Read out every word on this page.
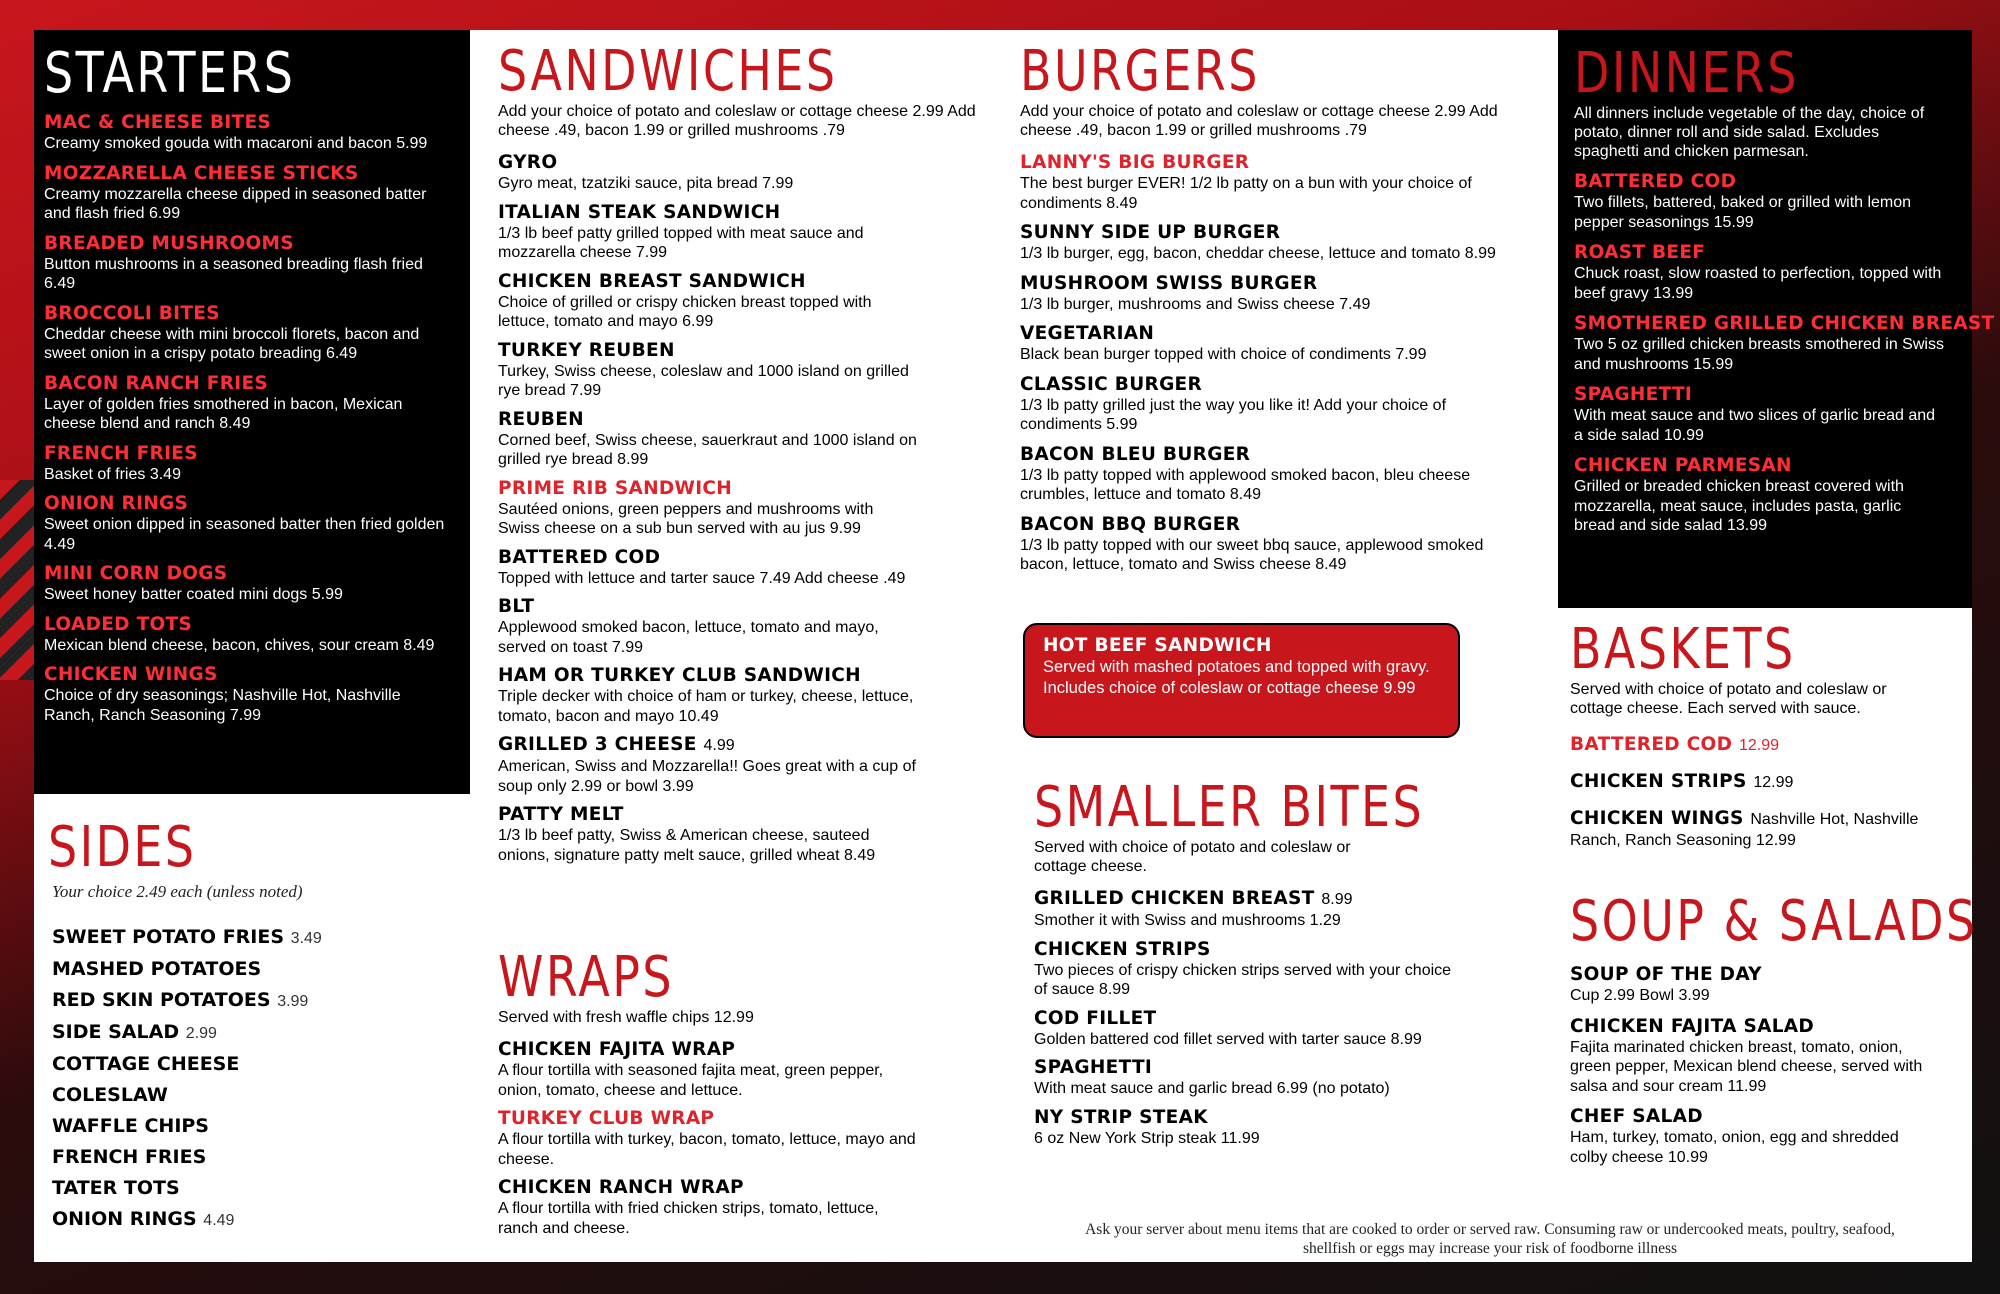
STARTERS
MAC & CHEESE BITES
Creamy smoked gouda with macaroni and bacon 5.99
MOZZARELLA CHEESE STICKS
Creamy mozzarella cheese dipped in seasoned batter and flash fried 6.99
BREADED MUSHROOMS
Button mushrooms in a seasoned breading flash fried 6.49
BROCCOLI BITES
Cheddar cheese with mini broccoli florets, bacon and sweet onion in a crispy potato breading 6.49
BACON RANCH FRIES
Layer of golden fries smothered in bacon, Mexican cheese blend and ranch 8.49
FRENCH FRIES
Basket of fries 3.49
ONION RINGS
Sweet onion dipped in seasoned batter then fried golden 4.49
MINI CORN DOGS
Sweet honey batter coated mini dogs 5.99
LOADED TOTS
Mexican blend cheese, bacon, chives, sour cream 8.49
CHICKEN WINGS
Choice of dry seasonings; Nashville Hot, Nashville Ranch, Ranch Seasoning 7.99
SIDES
Your choice 2.49 each (unless noted)
SWEET POTATO FRIES 3.49
MASHED POTATOES
RED SKIN POTATOES 3.99
SIDE SALAD 2.99
COTTAGE CHEESE
COLESLAW
WAFFLE CHIPS
FRENCH FRIES
TATER TOTS
ONION RINGS 4.49
SANDWICHES
Add your choice of potato and coleslaw or cottage cheese 2.99 Add cheese .49, bacon 1.99 or grilled mushrooms .79
GYRO
Gyro meat, tzatziki sauce, pita bread 7.99
ITALIAN STEAK SANDWICH
1/3 lb beef patty grilled topped with meat sauce and mozzarella cheese 7.99
CHICKEN BREAST SANDWICH
Choice of grilled or crispy chicken breast topped with lettuce, tomato and mayo 6.99
TURKEY REUBEN
Turkey, Swiss cheese, coleslaw and 1000 island on grilled rye bread 7.99
REUBEN
Corned beef, Swiss cheese, sauerkraut and 1000 island on grilled rye bread 8.99
PRIME RIB SANDWICH
Sautéed onions, green peppers and mushrooms with Swiss cheese on a sub bun served with au jus 9.99
BATTERED COD
Topped with lettuce and tarter sauce 7.49 Add cheese .49
BLT
Applewood smoked bacon, lettuce, tomato and mayo, served on toast 7.99
HAM OR TURKEY CLUB SANDWICH
Triple decker with choice of ham or turkey, cheese, lettuce, tomato, bacon and mayo 10.49
GRILLED 3 CHEESE 4.99
American, Swiss and Mozzarella!! Goes great with a cup of soup only 2.99 or bowl 3.99
PATTY MELT
1/3 lb beef patty, Swiss & American cheese, sauteed onions, signature patty melt sauce, grilled wheat 8.49
WRAPS
Served with fresh waffle chips 12.99
CHICKEN FAJITA WRAP
A flour tortilla with seasoned fajita meat, green pepper, onion, tomato, cheese and lettuce.
TURKEY CLUB WRAP
A flour tortilla with turkey, bacon, tomato, lettuce, mayo and cheese.
CHICKEN RANCH WRAP
A flour tortilla with fried chicken strips, tomato, lettuce, ranch and cheese.
BURGERS
Add your choice of potato and coleslaw or cottage cheese 2.99 Add cheese .49, bacon 1.99 or grilled mushrooms .79
LANNY'S BIG BURGER
The best burger EVER! 1/2 lb patty on a bun with your choice of condiments 8.49
SUNNY SIDE UP BURGER
1/3 lb burger, egg, bacon, cheddar cheese, lettuce and tomato 8.99
MUSHROOM SWISS BURGER
1/3 lb burger, mushrooms and Swiss cheese 7.49
VEGETARIAN
Black bean burger topped with choice of condiments 7.99
CLASSIC BURGER
1/3 lb patty grilled just the way you like it! Add your choice of condiments 5.99
BACON BLEU BURGER
1/3 lb patty topped with applewood smoked bacon, bleu cheese crumbles, lettuce and tomato 8.49
BACON BBQ BURGER
1/3 lb patty topped with our sweet bbq sauce, applewood smoked bacon, lettuce, tomato and Swiss cheese 8.49
HOT BEEF SANDWICH
Served with mashed potatoes and topped with gravy. Includes choice of coleslaw or cottage cheese 9.99
SMALLER BITES
Served with choice of potato and coleslaw or cottage cheese.
GRILLED CHICKEN BREAST 8.99
Smother it with Swiss and mushrooms 1.29
CHICKEN STRIPS
Two pieces of crispy chicken strips served with your choice of sauce 8.99
COD FILLET
Golden battered cod fillet served with tarter sauce 8.99
SPAGHETTI
With meat sauce and garlic bread 6.99 (no potato)
NY STRIP STEAK
6 oz New York Strip steak 11.99
DINNERS
All dinners include vegetable of the day, choice of potato, dinner roll and side salad. Excludes spaghetti and chicken parmesan.
BATTERED COD
Two fillets, battered, baked or grilled with lemon pepper seasonings 15.99
ROAST BEEF
Chuck roast, slow roasted to perfection, topped with beef gravy 13.99
SMOTHERED GRILLED CHICKEN BREAST
Two 5 oz grilled chicken breasts smothered in Swiss and mushrooms 15.99
SPAGHETTI
With meat sauce and two slices of garlic bread and a side salad 10.99
CHICKEN PARMESAN
Grilled or breaded chicken breast covered with mozzarella, meat sauce, includes pasta, garlic bread and side salad 13.99
BASKETS
Served with choice of potato and coleslaw or cottage cheese. Each served with sauce.
BATTERED COD 12.99
CHICKEN STRIPS 12.99
CHICKEN WINGS Nashville Hot, Nashville
Ranch, Ranch Seasoning 12.99
SOUP & SALADS
SOUP OF THE DAY
Cup 2.99 Bowl 3.99
CHICKEN FAJITA SALAD
Fajita marinated chicken breast, tomato, onion, green pepper, Mexican blend cheese, served with salsa and sour cream 11.99
CHEF SALAD
Ham, turkey, tomato, onion, egg and shredded colby cheese 10.99
Ask your server about menu items that are cooked to order or served raw. Consuming raw or undercooked meats, poultry, seafood, shellfish or eggs may increase your risk of foodborne illness
